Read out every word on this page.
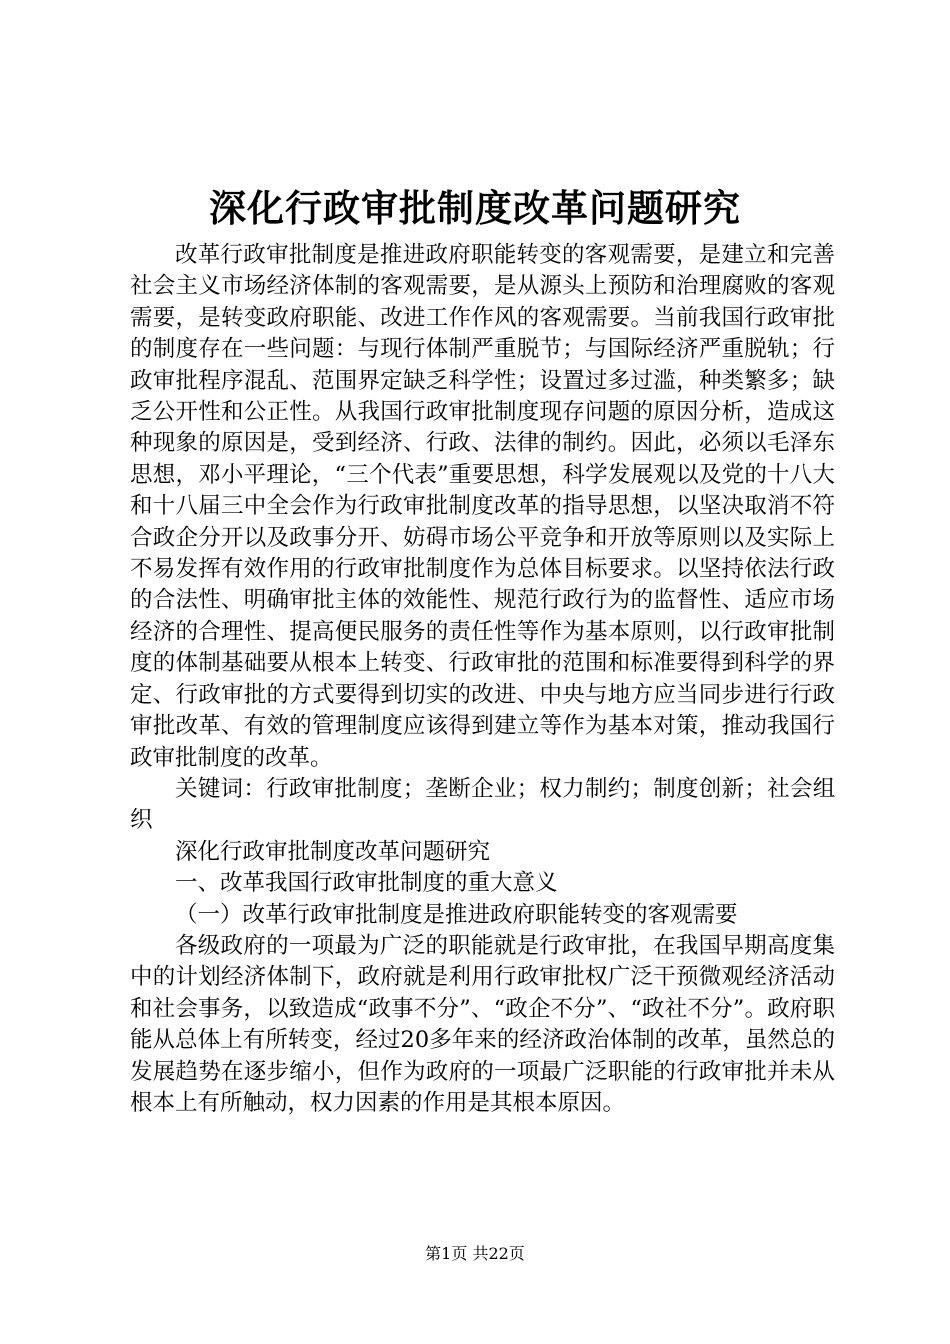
深化行政审批制度改革问题研究

改革行政审批制度是推进政府职能转变的客观需要，是建立和完善社会主义市场经济体制的客观需要，是从源头上预防和治理腐败的客观需要，是转变政府职能、改进工作作风的客观需要。当前我国行政审批的制度存在一些问题：与现行体制严重脱节；与国际经济严重脱轨；行政审批程序混乱、范围界定缺乏科学性；设置过多过滥，种类繁多；缺乏公开性和公正性。从我国行政审批制度现存问题的原因分析，造成这种现象的原因是，受到经济、行政、法律的制约。因此，必须以毛泽东思想，邓小平理论，“三个代表”重要思想，科学发展观以及党的十八大和十八届三中全会作为行政审批制度改革的指导思想，以坚决取消不符合政企分开以及政事分开、妨碍市场公平竞争和开放等原则以及实际上不易发挥有效作用的行政审批制度作为总体目标要求。以坚持依法行政的合法性、明确审批主体的效能性、规范行政行为的监督性、适应市场经济的合理性、提高便民服务的责任性等作为基本原则，以行政审批制度的体制基础要从根本上转变、行政审批的范围和标准要得到科学的界定、行政审批的方式要得到切实的改进、中央与地方应当同步进行行政审批改革、有效的管理制度应该得到建立等作为基本对策，推动我国行政审批制度的改革。

关键词：行政审批制度；垄断企业；权力制约；制度创新；社会组织

深化行政审批制度改革问题研究

一、改革我国行政审批制度的重大意义

（一）改革行政审批制度是推进政府职能转变的客观需要

各级政府的一项最为广泛的职能就是行政审批，在我国早期高度集中的计划经济体制下，政府就是利用行政审批权广泛干预微观经济活动和社会事务，以致造成“政事不分”、“政企不分”、“政社不分”。政府职能从总体上有所转变，经过20多年来的经济政治体制的改革，虽然总的发展趋势在逐步缩小，但作为政府的一项最广泛职能的行政审批并未从根本上有所触动，权力因素的作用是其根本原因。

第1页 共22页
